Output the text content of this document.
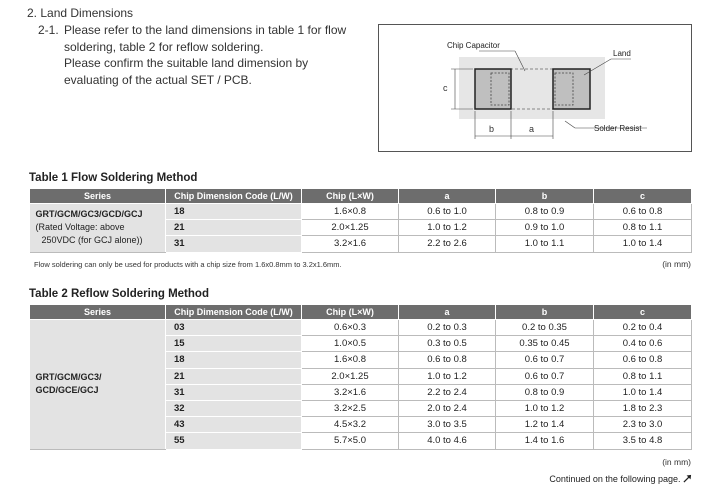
2. Land Dimensions
2-1. Please refer to the land dimensions in table 1 for flow
soldering, table 2 for reflow soldering.
Please confirm the suitable land dimension by
evaluating of the actual SET / PCB.
c
b	a
Chip Capacitor
Land
Solder Resist
Table 1 Flow Soldering Method
Series	Chip Dimension Code (L/W)	Chip (L×W)	a	b	c

GRT/GCM/GC3/GCD/GCJ
(Rated Voltage: above
250VDC (for GCJ alone))	18	1.6×0.8	0.6 to 1.0	0.8 to 0.9	0.6 to 0.8
	21	2.0×1.25	1.0 to 1.2	0.9 to 1.0	0.8 to 1.1
	31	3.2×1.6	2.2 to 2.6	1.0 to 1.1	1.0 to 1.4
Flow soldering can only be used for products with a chip size from 1.6x0.8mm to 3.2x1.6mm.	(in mm)
Table 2 Reflow Soldering Method
Series	Chip Dimension Code (L/W)	Chip (L×W)	a	b	c

GRT/GCM/GC3/
GCD/GCE/GCJ	03	0.6×0.3	0.2 to 0.3	0.2 to 0.35	0.2 to 0.4
	15	1.0×0.5	0.3 to 0.5	0.35 to 0.45	0.4 to 0.6
	18	1.6×0.8	0.6 to 0.8	0.6 to 0.7	0.6 to 0.8
	21	2.0×1.25	1.0 to 1.2	0.6 to 0.7	0.8 to 1.1
	31	3.2×1.6	2.2 to 2.4	0.8 to 0.9	1.0 to 1.4
	32	3.2×2.5	2.0 to 2.4	1.0 to 1.2	1.8 to 2.3
	43	4.5×3.2	3.0 to 3.5	1.2 to 1.4	2.3 to 3.0
	55	5.7×5.0	4.0 to 4.6	1.4 to 1.6	3.5 to 4.8
(in mm)
Continued on the following page.
